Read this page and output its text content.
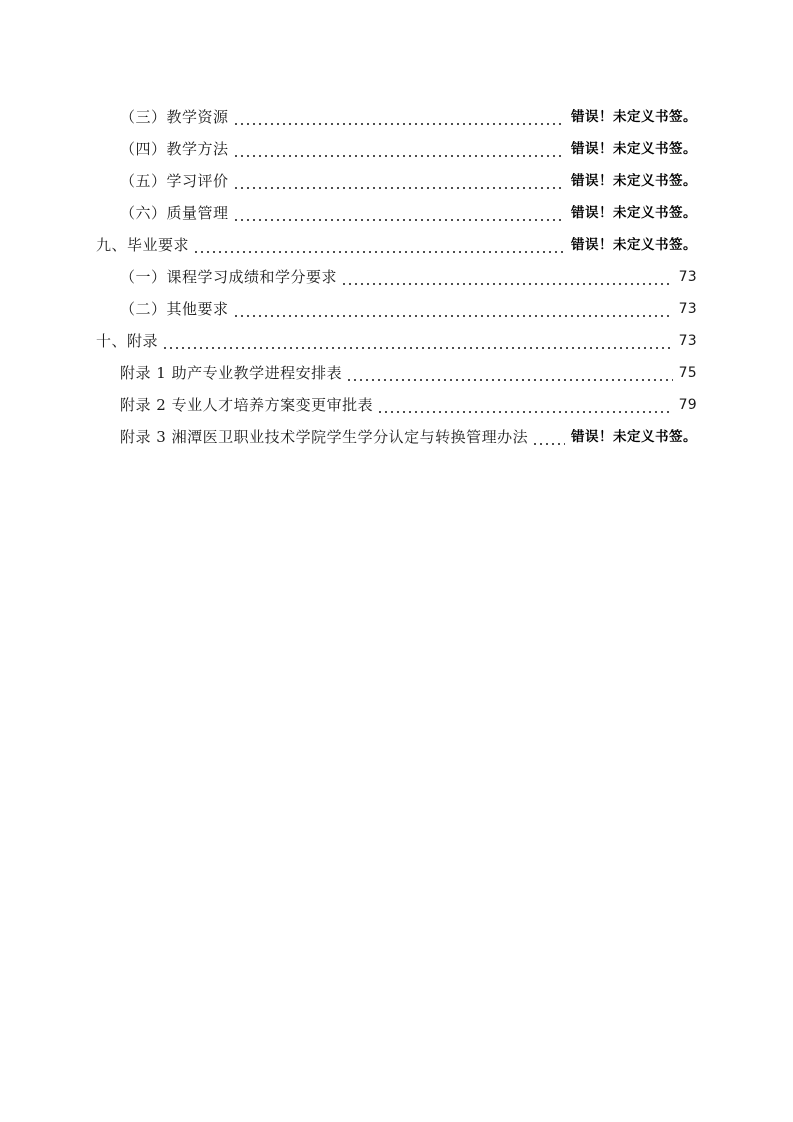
（三）教学资源	错误！未定义书签。
（四）教学方法	错误！未定义书签。
（五）学习评价	错误！未定义书签。
（六）质量管理	错误！未定义书签。
九、毕业要求	错误！未定义书签。
（一）课程学习成绩和学分要求	73
（二）其他要求	73
十、附录	73
附录 1 助产专业教学进程安排表	75
附录 2 专业人才培养方案变更审批表	79
附录 3 湘潭医卫职业技术学院学生学分认定与转换管理办法	错误！未定义书签。
